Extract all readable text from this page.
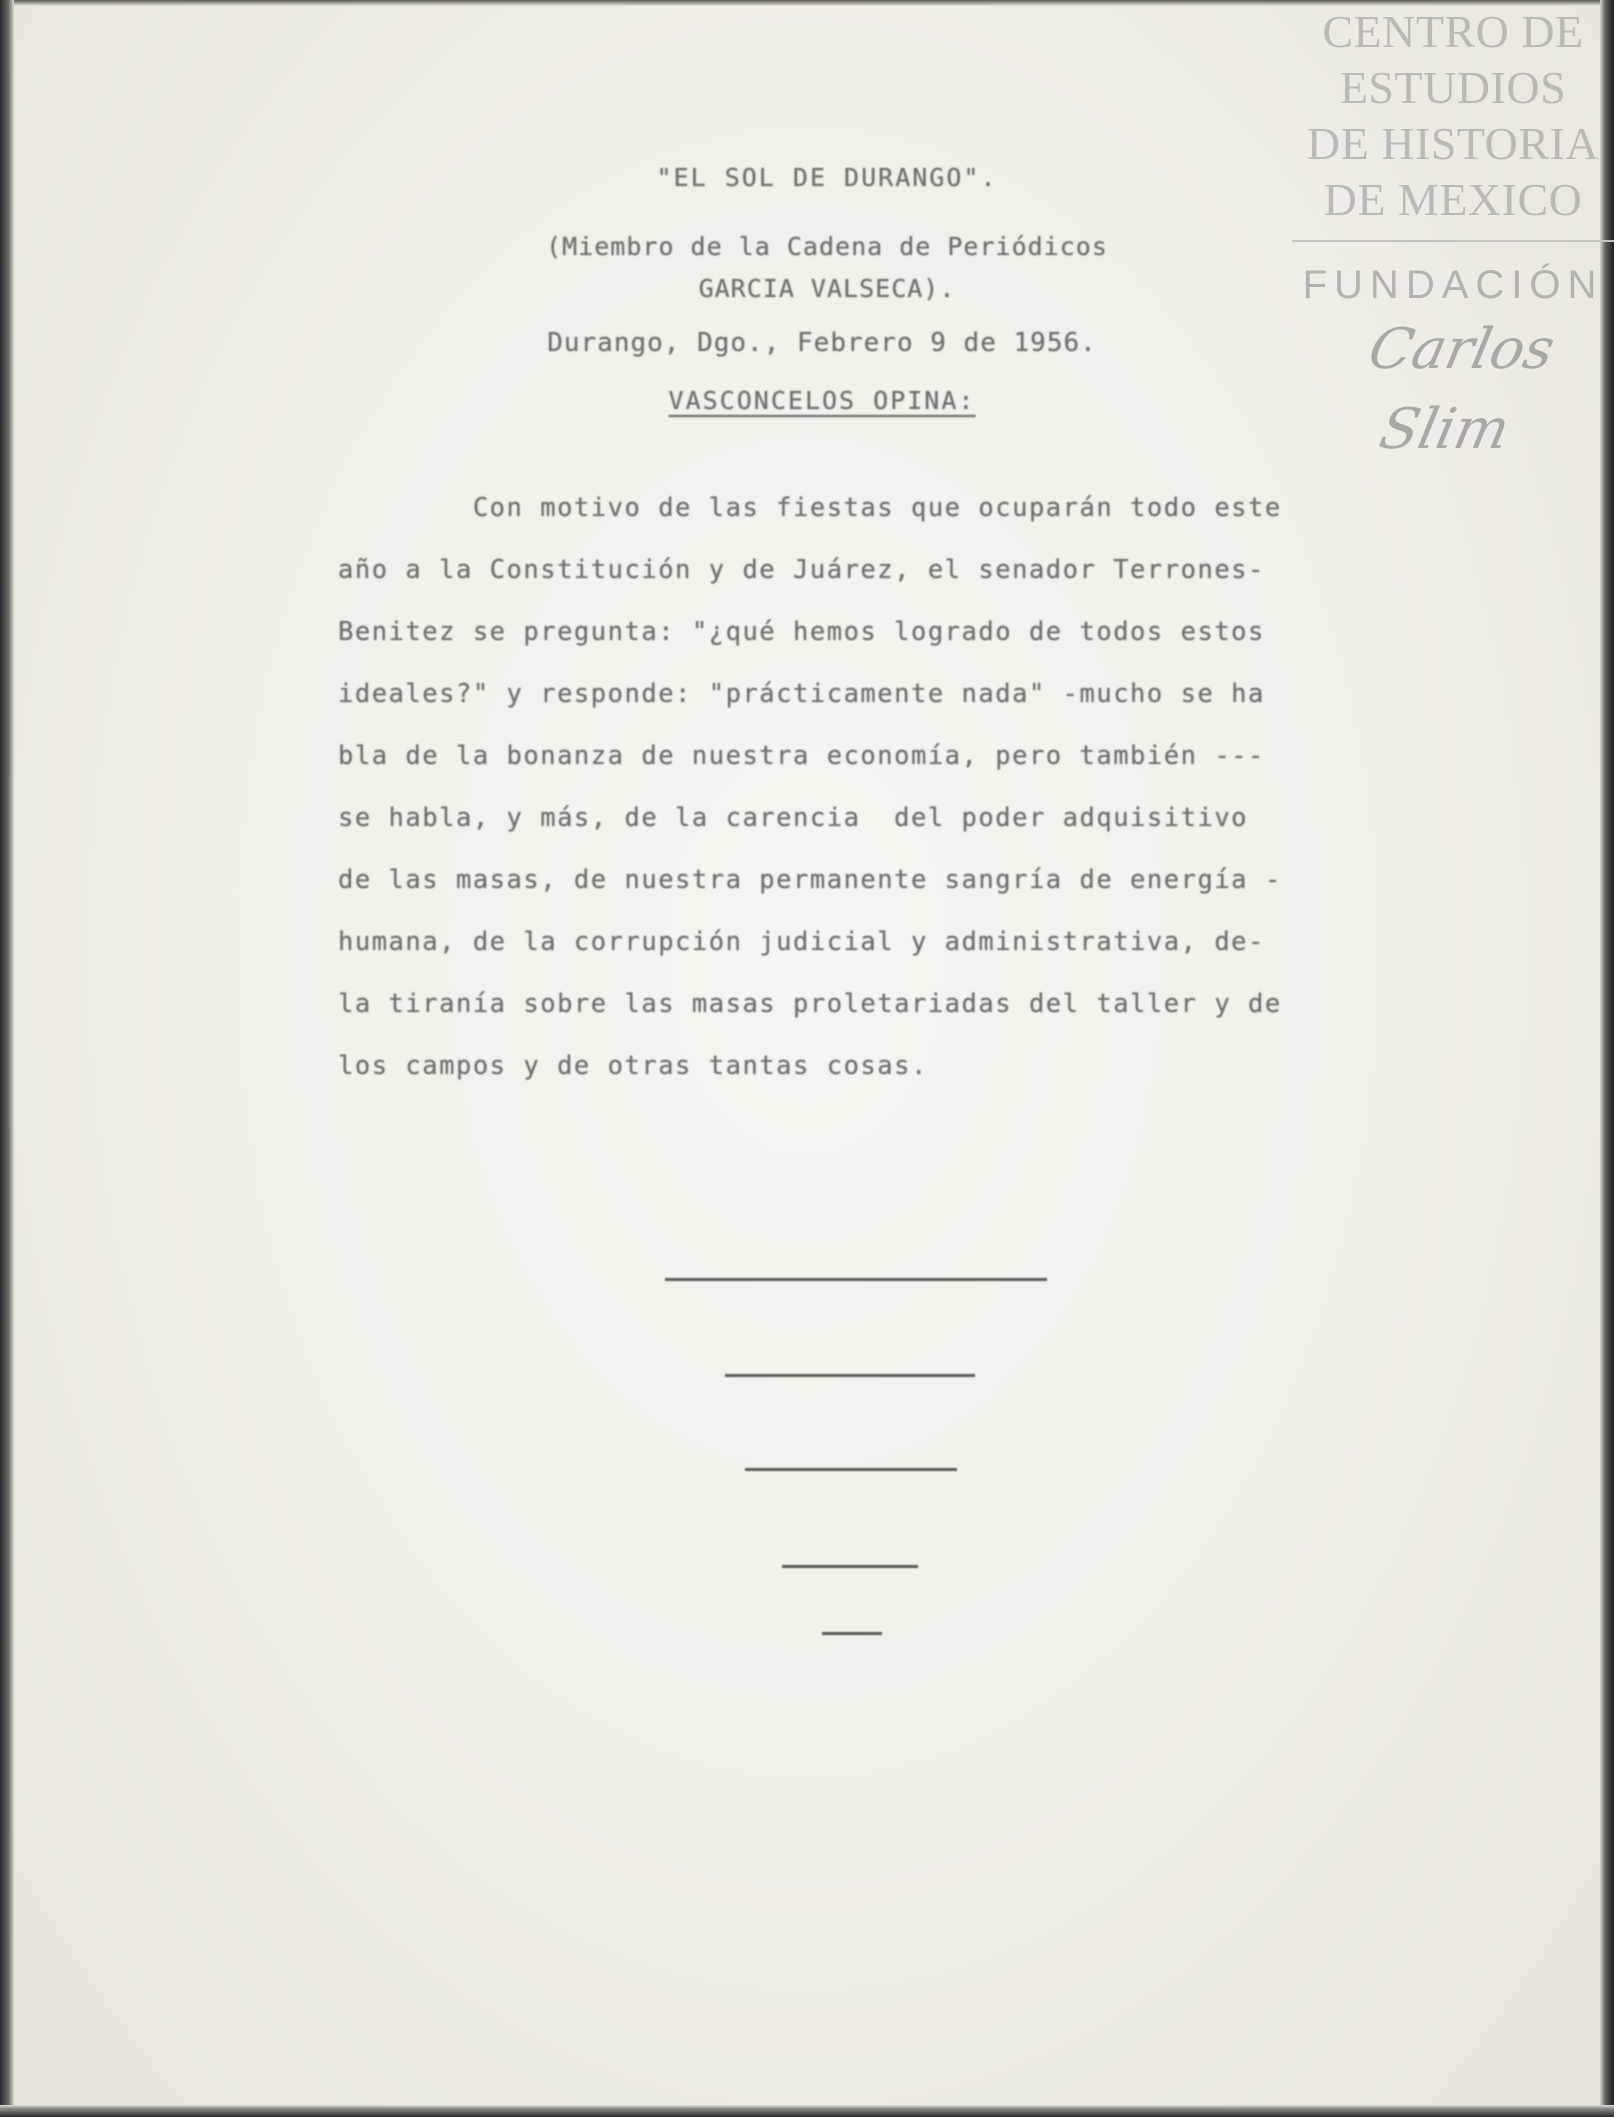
CENTRO DE
ESTUDIOS
DE HISTORIA
DE MEXICO
FUNDACIÓN
Carlos Slim
"EL SOL DE DURANGO".
(Miembro de la Cadena de Periódicos
GARCIA VALSECA).
Durango, Dgo., Febrero 9 de 1956.
VASCONCELOS OPINA:
Con motivo de las fiestas que ocuparán todo este
año a la Constitución y de Juárez, el senador Terrones-
Benitez se pregunta: "¿qué hemos logrado de todos estos
ideales?" y responde: "prácticamente nada" -mucho se ha
bla de la bonanza de nuestra economía, pero también ---
se habla, y más, de la carencia  del poder adquisitivo
de las masas, de nuestra permanente sangría de energía -
humana, de la corrupción judicial y administrativa, de-
la tiranía sobre las masas proletariadas del taller y de
los campos y de otras tantas cosas.
